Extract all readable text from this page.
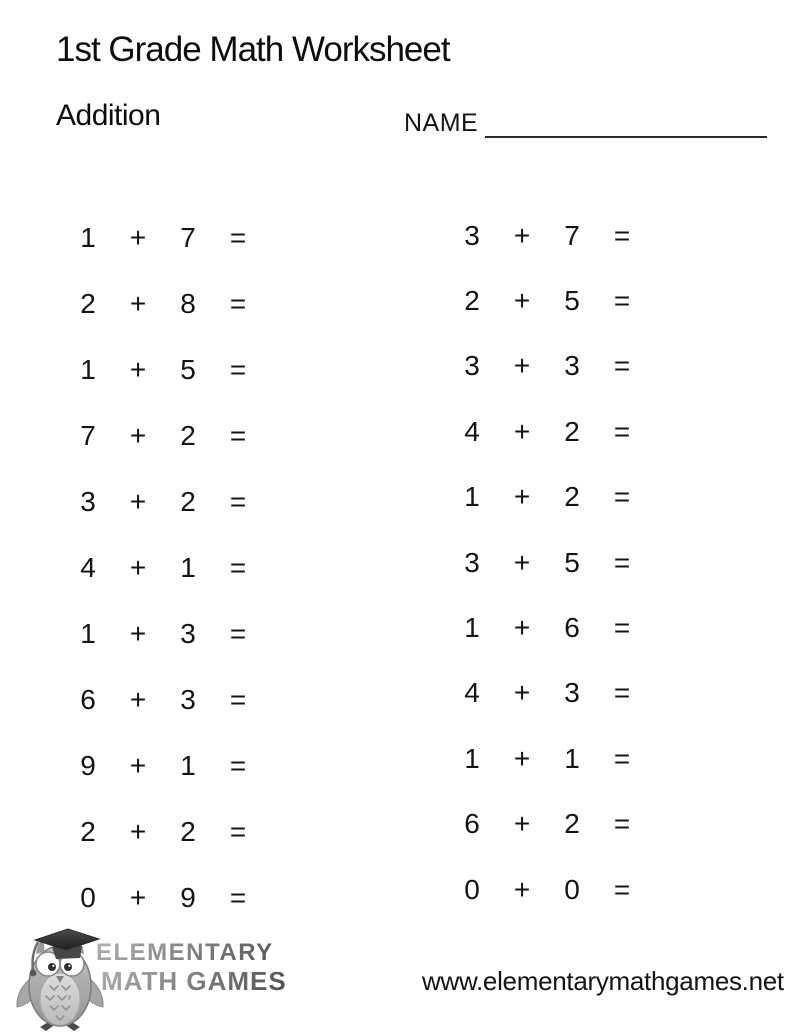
1st Grade Math Worksheet
Addition	NAME
1	+	7	=
2	+	8	=
1	+	5	=
7	+	2	=
3	+	2	=
4	+	1	=
1	+	3	=
6	+	3	=
9	+	1	=
2	+	2	=
0	+	9	=
3	+	7	=
2	+	5	=
3	+	3	=
4	+	2	=
1	+	2	=
3	+	5	=
1	+	6	=
4	+	3	=
1	+	1	=
6	+	2	=
0	+	0	=
ELEMENTARY
MATH GAMES	www.elementarymathgames.net
